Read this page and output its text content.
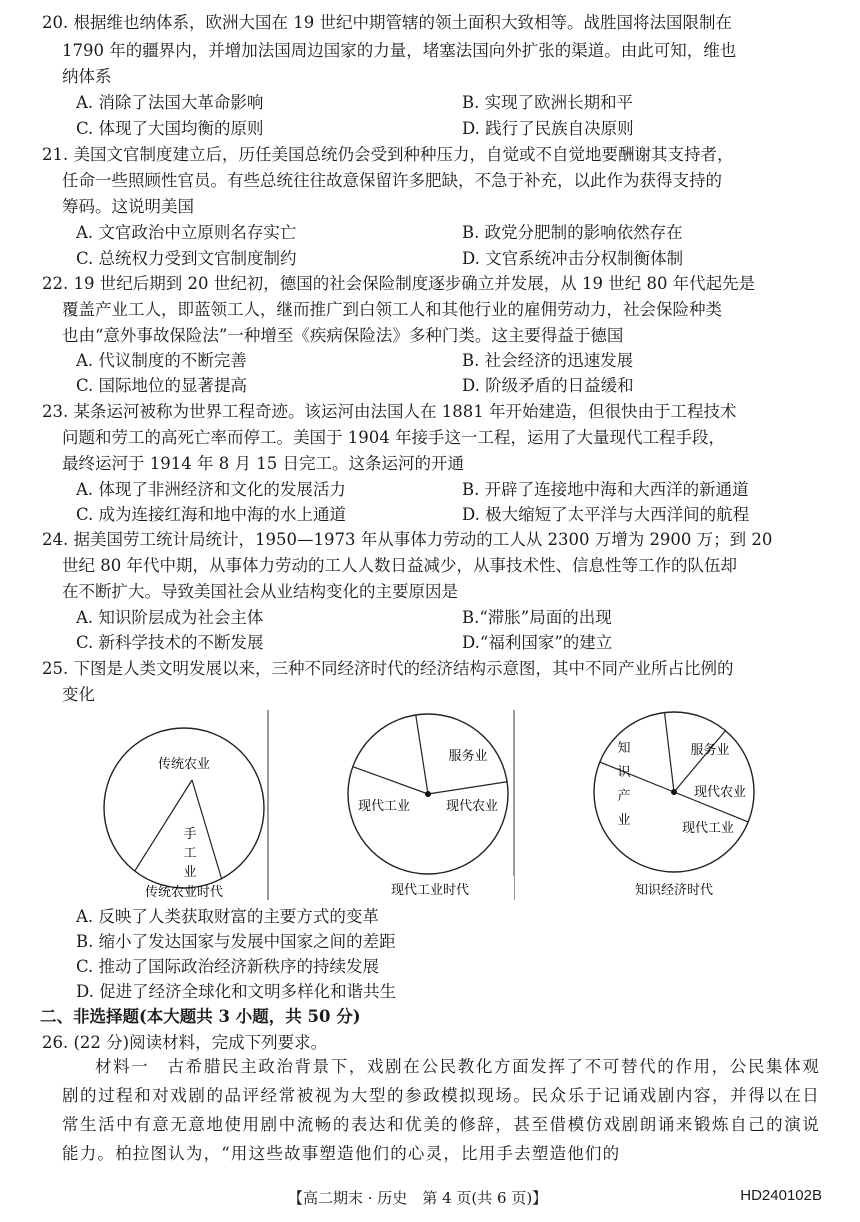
20. 根据维也纳体系，欧洲大国在 19 世纪中期管辖的领土面积大致相等。战胜国将法国限制在
1790 年的疆界内，并增加法国周边国家的力量，堵塞法国向外扩张的渠道。由此可知，维也
纳体系
A. 消除了法国大革命影响	B. 实现了欧洲长期和平
C. 体现了大国均衡的原则	D. 践行了民族自决原则
21. 美国文官制度建立后，历任美国总统仍会受到种种压力，自觉或不自觉地要酬谢其支持者，
任命一些照顾性官员。有些总统往往故意保留许多肥缺，不急于补充，以此作为获得支持的
筹码。这说明美国
A. 文官政治中立原则名存实亡	B. 政党分肥制的影响依然存在
C. 总统权力受到文官制度制约	D. 文官系统冲击分权制衡体制
22. 19 世纪后期到 20 世纪初，德国的社会保险制度逐步确立并发展，从 19 世纪 80 年代起先是
覆盖产业工人，即蓝领工人，继而推广到白领工人和其他行业的雇佣劳动力，社会保险种类
也由“意外事故保险法”一种增至《疾病保险法》多种门类。这主要得益于德国
A. 代议制度的不断完善	B. 社会经济的迅速发展
C. 国际地位的显著提高	D. 阶级矛盾的日益缓和
23. 某条运河被称为世界工程奇迹。该运河由法国人在 1881 年开始建造，但很快由于工程技术
问题和劳工的高死亡率而停工。美国于 1904 年接手这一工程，运用了大量现代工程手段，
最终运河于 1914 年 8 月 15 日完工。这条运河的开通
A. 体现了非洲经济和文化的发展活力	B. 开辟了连接地中海和大西洋的新通道
C. 成为连接红海和地中海的水上通道	D. 极大缩短了太平洋与大西洋间的航程
24. 据美国劳工统计局统计，1950—1973 年从事体力劳动的工人从 2300 万增为 2900 万；到 20
世纪 80 年代中期，从事体力劳动的工人人数日益减少，从事技术性、信息性等工作的队伍却
在不断扩大。导致美国社会从业结构变化的主要原因是
A. 知识阶层成为社会主体	B.“滞胀”局面的出现
C. 新科学技术的不断发展	D.“福利国家”的建立
25. 下图是人类文明发展以来，三种不同经济时代的经济结构示意图，其中不同产业所占比例的
变化
传统农业
手
工
业
传统农业时代
服务业
现代农业
现代工业
现代工业时代
服务业
现代农业
现代工业
知
识
产
业
知识经济时代
A. 反映了人类获取财富的主要方式的变革
B. 缩小了发达国家与发展中国家之间的差距
C. 推动了国际政治经济新秩序的持续发展
D. 促进了经济全球化和文明多样化和谐共生
二、非选择题(本大题共 3 小题，共 50 分)
26. (22 分)阅读材料，完成下列要求。
材料一　古希腊民主政治背景下，戏剧在公民教化方面发挥了不可替代的作用，公民集体观剧的过程和对戏剧的品评经常被视为大型的参政模拟现场。民众乐于记诵戏剧内容，并得以在日常生活中有意无意地使用剧中流畅的表达和优美的修辞，甚至借模仿戏剧朗诵来锻炼自己的演说能力。柏拉图认为，“用这些故事塑造他们的心灵，比用手去塑造他们的
【高二期末 · 历史　第 4 页(共 6 页)】	HD240102B
